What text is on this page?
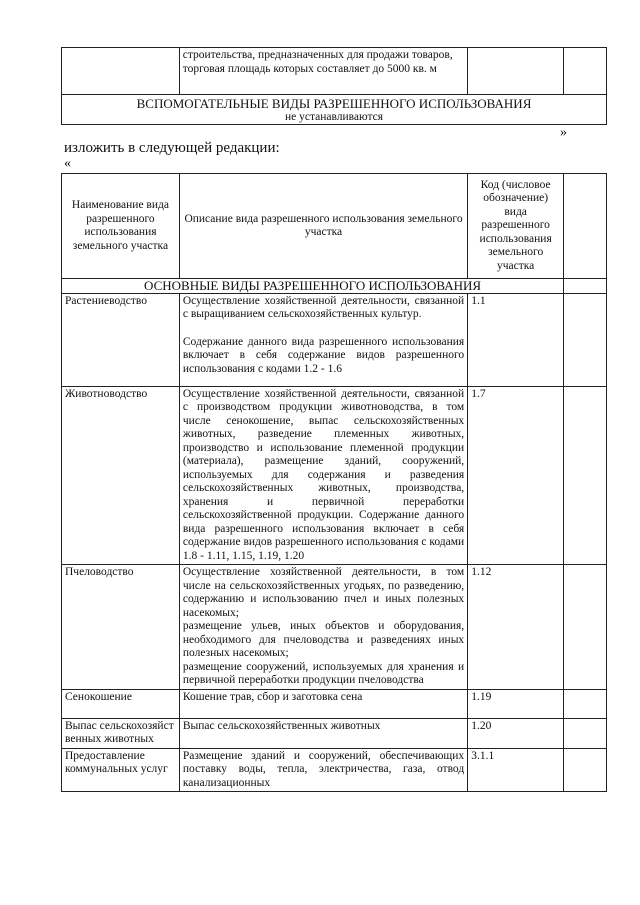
	строительства, предназначенных для продажи товаров, торговая площадь которых составляет до 5000 кв. м		

ВСПОМОГАТЕЛЬНЫЕ ВИДЫ РАЗРЕШЕННОГО ИСПОЛЬЗОВАНИЯ
не устанавливаются
»
изложить в следующей редакции:
«
Наименование вида разрешенного использования земельного участка	Описание вида разрешенного использования земельного участка	Код (числовое обозначение) вида разрешенного использования земельного участка	
ОСНОВНЫЕ ВИДЫ РАЗРЕШЕННОГО ИСПОЛЬЗОВАНИЯ			
Растениеводство	Осуществление хозяйственной деятельности, связанной с выращиванием сельскохозяйственных культур.
Содержание данного вида разрешенного использования включает в себя содержание видов разрешенного использования с кодами 1.2 - 1.6	1.1	
Животноводство	Осуществление хозяйственной деятельности, связанной с производством продукции животноводства, в том числе сенокошение, выпас сельскохозяйственных животных, разведение племенных животных, производство и использование племенной продукции (материала), размещение зданий, сооружений, используемых для содержания и разведения сельскохозяйственных животных, производства, хранения и первичной переработки сельскохозяйственной продукции. Содержание данного вида разрешенного использования включает в себя содержание видов разрешенного использования с кодами 1.8 - 1.11, 1.15, 1.19, 1.20	1.7	
Пчеловодство	Осуществление хозяйственной деятельности, в том числе на сельскохозяйственных угодьях, по разведению, содержанию и использованию пчел и иных полезных насекомых;
размещение ульев, иных объектов и оборудования, необходимого для пчеловодства и разведениях иных полезных насекомых;
размещение сооружений, используемых для хранения и первичной переработки продукции пчеловодства	1.12	
Сенокошение	Кошение трав, сбор и заготовка сена	1.19	
Выпас сельскохозяйственных животных	Выпас сельскохозяйственных животных	1.20	
Предоставление коммунальных услуг	Размещение зданий и сооружений, обеспечивающих поставку воды, тепла, электричества, газа, отвод канализационных	3.1.1	
